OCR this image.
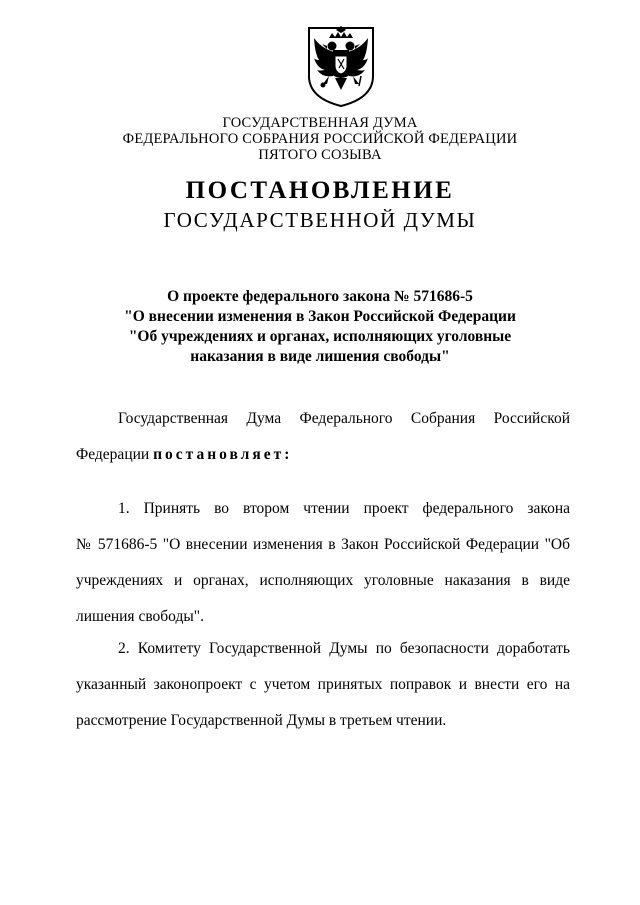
ГОСУДАРСТВЕННАЯ ДУМА
ФЕДЕРАЛЬНОГО СОБРАНИЯ РОССИЙСКОЙ ФЕДЕРАЦИИ
ПЯТОГО СОЗЫВА
ПОСТАНОВЛЕНИЕ
ГОСУДАРСТВЕННОЙ ДУМЫ
О проекте федерального закона № 571686-5
"О внесении изменения в Закон Российской Федерации
"Об учреждениях и органах, исполняющих уголовные
наказания в виде лишения свободы"
Государственная Дума Федерального Собрания Российской
Федерации постановляет:
1. Принять во втором чтении проект федерального закона
№ 571686-5 "О внесении изменения в Закон Российской Федерации "Об
учреждениях и органах, исполняющих уголовные наказания в виде
лишения свободы".
2. Комитету Государственной Думы по безопасности доработать
указанный законопроект с учетом принятых поправок и внести его на
рассмотрение Государственной Думы в третьем чтении.
